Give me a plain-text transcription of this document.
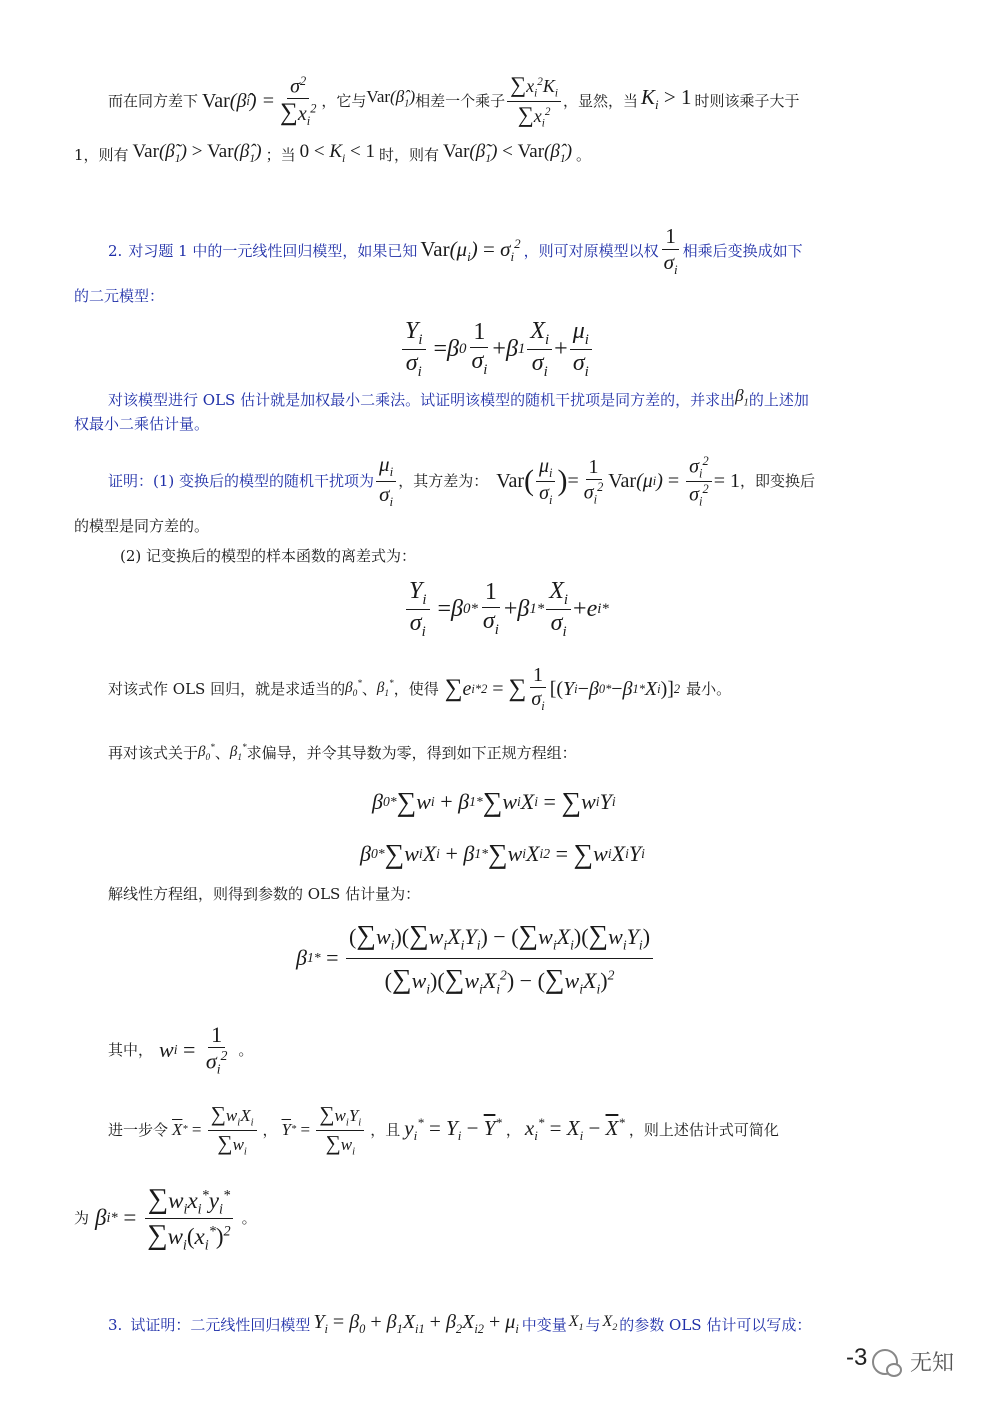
而在同方差下 Var ( β̂ i ) = $\frac{\sigma^2}{\sum x_i^2}$ ，它与 $Var(\betâ_1)$ 相差一个乘子 $\frac{\sum x_i^2K_i}{\sum x_i^2}$ ，显然，当 $K_i > 1$ 时则该乘子大于
1，则有 $Var(\betã_1)$ > $Var(\betâ_1)$ ；当 $0 < K_i < 1$ 时，则有 $Var(\betã_1)$ < $Var(\betâ_1)$ 。
2. 对习题 1 中的一元线性回归模型，如果已知 $Var(\mu_i) = \sigma_i^2$ ，则可对原模型以权 $\frac{1}{\sigma_i}$ 相乘后变换成如下
的二元模型：
$\frac{Y_i}{\sigma_i} = \beta$ $0 \frac{1}{\sigma_i} + \beta$ $1 \frac{X_i}{\sigma_i} + \frac{\mu_i}{\sigma_i}$
对该模型进行 OLS 估计就是加权最小二乘法。试证明该模型的随机干扰项是同方差的，并求出 $\beta_1$ 的上述加
权最小二乘估计量。
证明：(1) 变换后的模型的随机干扰项为 $\frac{\mu_i}{\sigma_i}$ ，其方差为： Var ( $\frac{\mu_i}{\sigma_i}$ ) = $\frac{1}{\sigma_i^2}$ Var (μ i ) = $\frac{\sigma_i^2}{\sigma_i^2} = 1$ ，即变换后
的模型是同方差的。
(2) 记变换后的模型的样本函数的离差式为：
$\frac{Y_i}{\sigma_i} = \beta$ $0 * \frac{1}{\sigma_i} + \beta$ $1 * \frac{X_i}{\sigma_i} + e$ i *
对该式作 OLS 回归，就是求适当的 $\beta_0^*$ 、 $\beta_1^*$ ，使得 ∑ e i *2 = ∑ $\frac{1}{\sigma_i}$ [( Y i − β 0 * − β 1 * X i )] 2 最小。
再对该式关于 $\beta_0^*$ 、 $\beta_1^*$ 求偏导，并令其导数为零，得到如下正规方程组：
β 0 * ∑ w i + β 1 * ∑ w i X i = ∑ w i Y i
β 0 * ∑ w i X i + β 1 * ∑ w i X i 2 = ∑ w i X i Y i
解线性方程组，则得到参数的 OLS 估计量为：
β 1 * = $\frac{(\sum w_i)(\sum w_iX_iY_i) - (\sum w_iX_i)(\sum w_iY_i)}{(\sum w_i)(\sum w_iX_i^2) - (\sum w_iX_i)^2}$
其中， w $i = \frac{1}{\sigma_i^2}$ 。
进一步令 $\overline{X}$ * = $\frac{\sum w_iX_i}{\sum w_i}$ ， $\overline{Y}$ * = $\frac{\sum w_iY_i}{\sum w_i}$ ，且 $y_i^* = Y_i - \overline{Y}^*$ ， $x_i^* = X_i - \overline{X}^*$ ，则上述估计式可简化
为 β i * = $\frac{\sum w_ix_i^*y_i^*}{\sum w_i(x_i^*)^2}$ 。
3. 试证明：二元线性回归模型 $Y_i = \beta_0 + \beta_1X_{i1} + \beta_2X_{i2} + \mu_i$ 中变量 $X_1$ 与 $X_2$ 的参数 OLS 估计可以写成：
-3 无知
